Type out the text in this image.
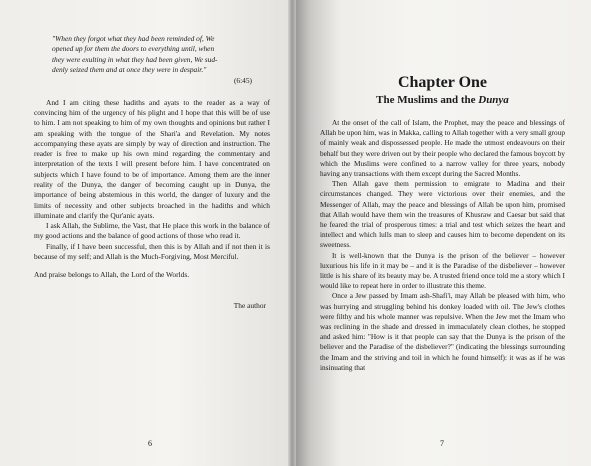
"When they forgot what they had been reminded of, We
opened up for them the doors to everything until, when
they were exulting in what they had been given, We sud-
denly seized them and at once they were in despair."
(6:45)

And I am citing these hadiths and ayats to the reader as a way of convincing him of the urgency of his plight and I hope that this will be of use to him. I am not speaking to him of my own thoughts and opinions but rather I am speaking with the tongue of the Shari'a and Revelation. My notes accompanying these ayats are simply by way of direction and instruction. The reader is free to make up his own mind regarding the commentary and interpretation of the texts I will present before him. I have concentrated on subjects which I have found to be of importance. Among them are the inner reality of the Dunya, the danger of becoming caught up in Dunya, the importance of being abstemious in this world, the danger of luxury and the limits of necessity and other subjects broached in the hadiths and which illuminate and clarify the Qur'anic ayats.

I ask Allah, the Sublime, the Vast, that He place this work in the balance of my good actions and the balance of good actions of those who read it.

Finally, if I have been successful, then this is by Allah and if not then it is because of my self; and Allah is the Much-Forgiving, Most Merciful.

And praise belongs to Allah, the Lord of the Worlds.

The author
6
Chapter One
The Muslims and the Dunya

At the onset of the call of Islam, the Prophet, may the peace and blessings of Allah be upon him, was in Makka, calling to Allah together with a very small group of mainly weak and dispossessed people. He made the utmost endeavours on their behalf but they were driven out by their people who declared the famous boycott by which the Muslims were confined to a narrow valley for three years, nobody having any transactions with them except during the Sacred Months.

Then Allah gave them permission to emigrate to Madina and their circumstances changed. They were victorious over their enemies, and the Messenger of Allah, may the peace and blessings of Allah be upon him, promised that Allah would have them win the treasures of Khusraw and Caesar but said that he feared the trial of prosperous times: a trial and test which seizes the heart and intellect and which lulls man to sleep and causes him to become dependent on its sweetness.

It is well-known that the Dunya is the prison of the believer – however luxurious his life in it may be – and it is the Paradise of the disbeliever – however little is his share of its beauty may be. A trusted friend once told me a story which I would like to repeat here in order to illustrate this theme.

Once a Jew passed by Imam ash-Shafi'i, may Allah be pleased with him, who was hurrying and struggling behind his donkey loaded with oil. The Jew's clothes were filthy and his whole manner was repulsive. When the Jew met the Imam who was reclining in the shade and dressed in immaculately clean clothes, he stopped and asked him: "How is it that people can say that the Dunya is the prison of the believer and the Paradise of the disbeliever?" (indicating the blessings surrounding the Imam and the striving and toil in which he found himself): it was as if he was insinuating that

7
